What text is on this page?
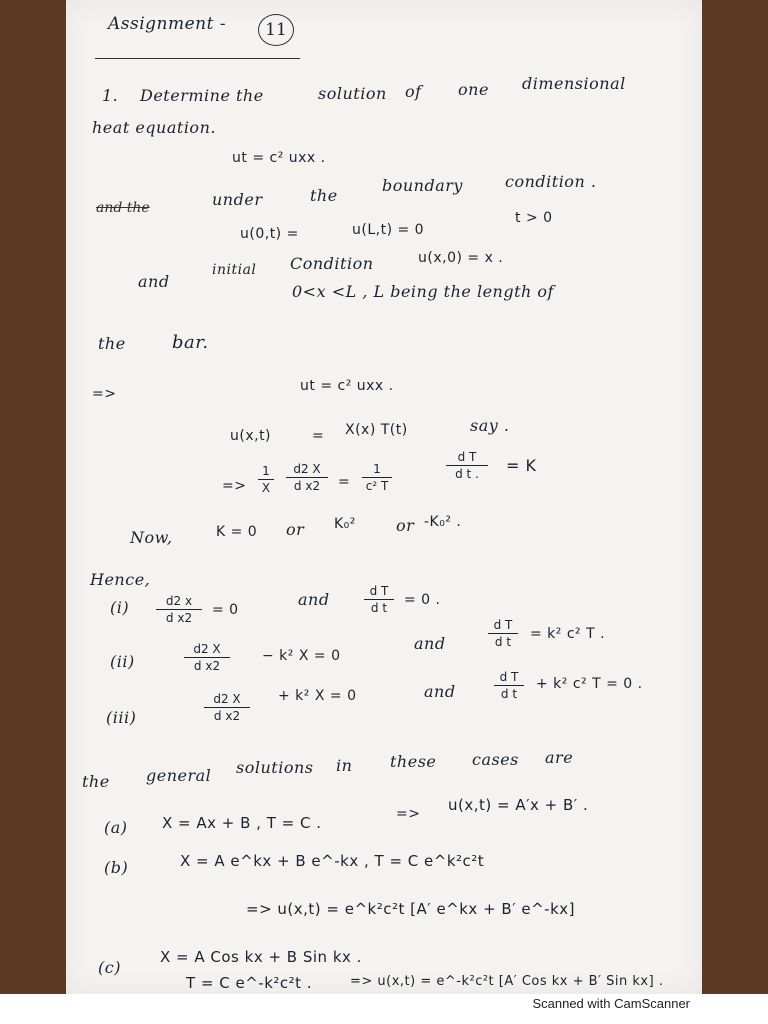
Assignment -	11
1. Determine the	solution of one dimensional
heat equation.
ut = c² uxx .
and the	under	the
boundary	condition .
u(0,t) =	u(L,t) = 0
t > 0
and
initial Condition	u(x,0) = x .
0<x <L , L being the length of
the	bar.
=>	ut = c² uxx .
u(x,t)	= X(x) T(t)	say .
=>
1
X
d2 X
d x2	=
1
c² T
d T
d t .	= K
Now,	K = 0 or K₀²	or -K₀² .
Hence,
(i)	d2 x
d x2	= 0
and	d T
d t	= 0 .
(ii)
d2 X
d x2
− k² X = 0
and
d T
d t	= k² c² T .
(iii)
d2 X
d x2
+ k² X = 0	and
d T
d t
+ k² c² T = 0 .
the general solutions in these cases are
(a) X = Ax + B , T = C .	=> u(x,t) = A′x + B′ .
(b)	X = A e^kx + B e^-kx , T = C e^k²c²t
=> u(x,t) = e^k²c²t [A′ e^kx + B′ e^-kx]
(c)
X = A Cos kx + B Sin kx .
T = C e^-k²c²t .	=> u(x,t) = e^-k²c²t [A′ Cos kx + B′ Sin kx] .
Scanned with CamScanner
